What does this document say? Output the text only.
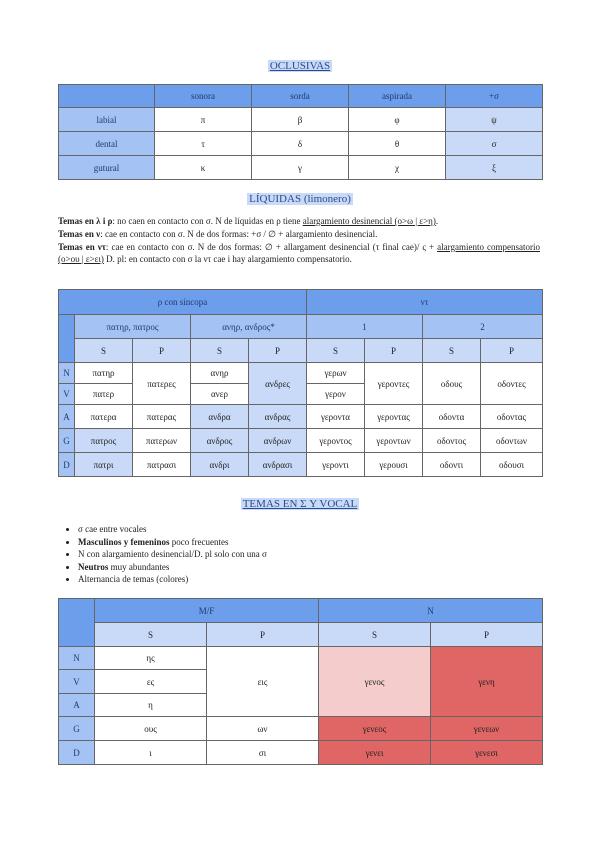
OCLUSIVAS
	sonora	sorda	aspirada	+σ
labial	π	β	φ	ψ
dental	τ	δ	θ	σ
gutural	κ	γ	χ	ξ
LÍQUIDAS (limonero)
Temas en λ i ρ: no caen en contacto con σ. N de líquidas en ρ tiene alargamiento desinencial (o>ω | ε>η).
Temas en ν: cae en contacto con σ. N de dos formas: +σ / ∅ + alargamiento desinencial.
Temas en ντ: cae en contacto con σ. N de dos formas: ∅ + allargament desinencial (τ final cae)/ ς + alargamiento compensatorio (o>ου | ε>ει) D. pl: en contacto con σ la ντ cae i hay alargamiento compensatorio.
ρ con síncopa					ντ			
	πατηρ, πατρος		ανηρ, ανδρος*		1		2	
	S	P	S	P	S	P	S	P
N	πατηρ	πατερες	ανηρ	ανδρες	γερων	γεροντες	οδους	οδοντες
V	πατερ		ανερ		γερον			
A	πατερα	πατερας	ανδρα	ανδρας	γεροντα	γεροντας	οδοντα	οδοντας
G	πατρος	πατερων	ανδρος	ανδρων	γεροντος	γεροντων	οδοντος	οδοντων
D	πατρι	πατρασι	ανδρι	ανδρασι	γεροντι	γερουσι	οδοντι	οδουσι
TEMAS EN Σ Y VOCAL
• σ cae entre vocales
• Masculinos y femeninos poco frecuentes
• N con alargamiento desinencial/D. pl solo con una σ
• Neutros muy abundantes
• Alternancia de temas (colores)
	M/F		N	
	S	P	S	P
N	ης	εις	γενος	γενη
V	ες			
A	η			
G	ους	ων	γενεος	γενεων
D	ι	σι	γενει	γενεσι
